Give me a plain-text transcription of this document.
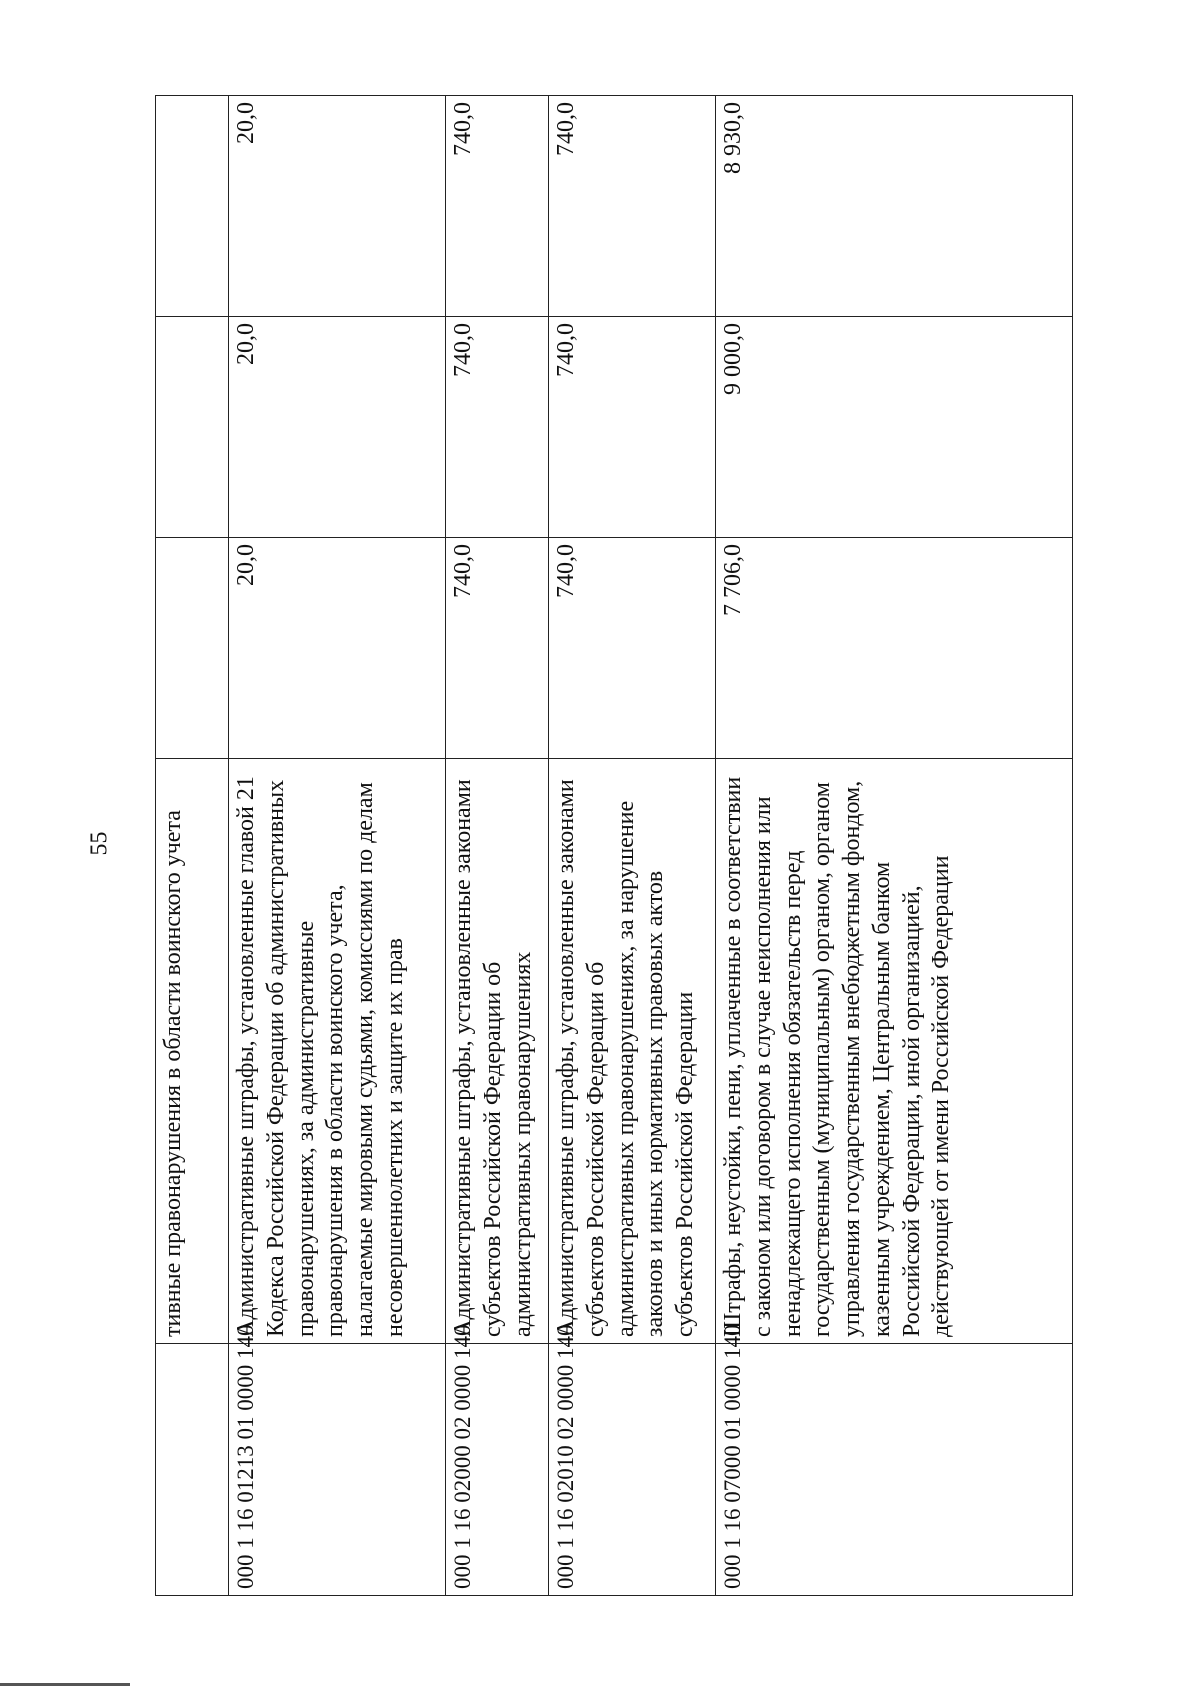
55
	тивные правонарушения в области воинского учета			
000 1 16 01213 01 0000 140	Административные штрафы, установленные главой 21 Кодекса Российской Федерации об административных правонарушениях, за административные правонарушения в области воинского учета, налагаемые мировыми судьями, комиссиями по делам несовершеннолетних и защите их прав	20,0	20,0	20,0
000 1 16 02000 02 0000 140	Административные штрафы, установленные законами субъектов Российской Федерации об административных правонарушениях	740,0	740,0	740,0
000 1 16 02010 02 0000 140	Административные штрафы, установленные законами субъектов Российской Федерации об административных правонарушениях, за нарушение законов и иных нормативных правовых актов субъектов Российской Федерации	740,0	740,0	740,0
000 1 16 07000 01 0000 140	Штрафы, неустойки, пени, уплаченные в соответствии с законом или договором в случае неисполнения или ненадлежащего исполнения обязательств перед государственным (муниципальным) органом, органом управления государственным внебюджетным фондом, казенным учреждением, Центральным банком Российской Федерации, иной организацией, действующей от имени Российской Федерации	7 706,0	9 000,0	8 930,0
